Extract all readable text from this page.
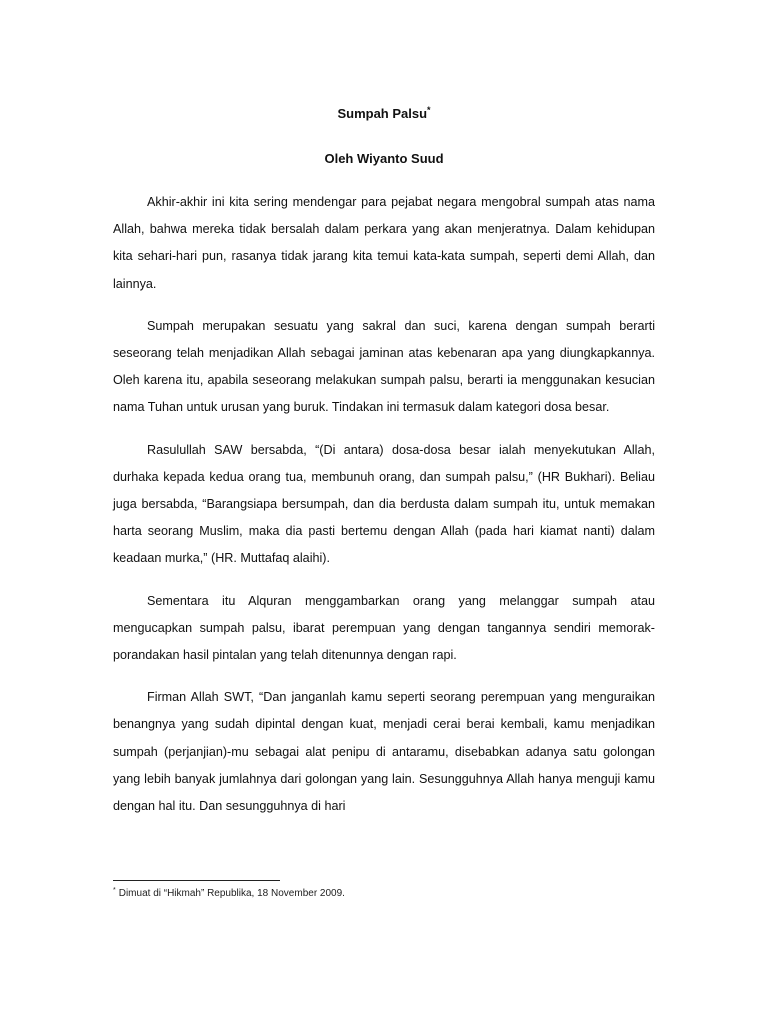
Sumpah Palsu*
Oleh Wiyanto Suud

Akhir-akhir ini kita sering mendengar para pejabat negara mengobral sumpah atas nama Allah, bahwa mereka tidak bersalah dalam perkara yang akan menjeratnya. Dalam kehidupan kita sehari-hari pun, rasanya tidak jarang kita temui kata-kata sumpah, seperti demi Allah, dan lainnya.

Sumpah merupakan sesuatu yang sakral dan suci, karena dengan sumpah berarti seseorang telah menjadikan Allah sebagai jaminan atas kebenaran apa yang diungkapkannya. Oleh karena itu, apabila seseorang melakukan sumpah palsu, berarti ia menggunakan kesucian nama Tuhan untuk urusan yang buruk. Tindakan ini termasuk dalam kategori dosa besar.

Rasulullah SAW bersabda, “(Di antara) dosa-dosa besar ialah menyekutukan Allah, durhaka kepada kedua orang tua, membunuh orang, dan sumpah palsu,” (HR Bukhari). Beliau juga bersabda, “Barangsiapa bersumpah, dan dia berdusta dalam sumpah itu, untuk memakan harta seorang Muslim, maka dia pasti bertemu dengan Allah (pada hari kiamat nanti) dalam keadaan murka,” (HR. Muttafaq alaihi).

Sementara itu Alquran menggambarkan orang yang melanggar sumpah atau mengucapkan sumpah palsu, ibarat perempuan yang dengan tangannya sendiri memorak-porandakan hasil pintalan yang telah ditenunnya dengan rapi.

Firman Allah SWT, “Dan janganlah kamu seperti seorang perempuan yang menguraikan benangnya yang sudah dipintal dengan kuat, menjadi cerai berai kembali, kamu menjadikan sumpah (perjanjian)-mu sebagai alat penipu di antaramu, disebabkan adanya satu golongan yang lebih banyak jumlahnya dari golongan yang lain. Sesungguhnya Allah hanya menguji kamu dengan hal itu. Dan sesungguhnya di hari

* Dimuat di “Hikmah” Republika, 18 November 2009.
